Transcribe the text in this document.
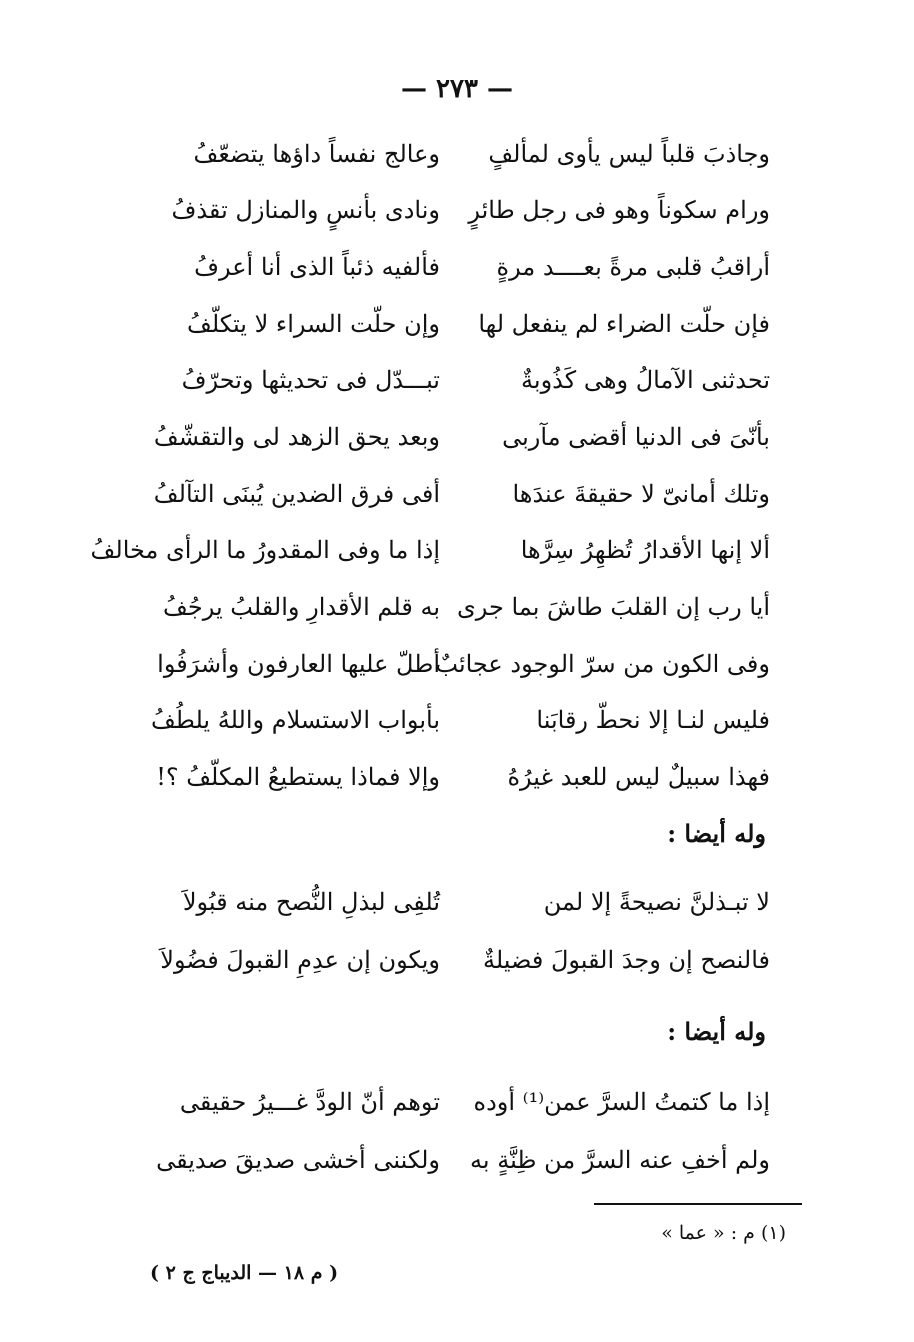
— ٢٧٣ —
وجاذبَ قلباً ليس يأوى لمألفٍ
وعالج نفساً داؤها يتضعّفُ
ورام سكوناً وهو فى رجل طائرٍ
ونادى بأنسٍ والمنازل تقذفُ
أراقبُ قلبى مرةً بعــــد مرةٍ
فألفيه ذئباً الذى أنا أعرفُ
فإن حلّت الضراء لم ينفعل لها
وإن حلّت السراء لا يتكلّفُ
تحدثنى الآمالُ وهى كَذُوبةٌ
تبـــدّل فى تحديثها وتحرّفُ
بأنّىَ فى الدنيا أقضى مآربى
وبعد يحق الزهد لى والتقشّفُ
وتلك أمانىّ لا حقيقةَ عندَها
أفى فرق الضدين يُبنَى التآلفُ
ألا إنها الأقدارُ تُظهِرُ سِرَّها
إذا ما وفى المقدورُ ما الرأى مخالفُ
أيا رب إن القلبَ طاشَ بما جرى
به قلم الأقدارِ والقلبُ يرجُفُ
وفى الكون من سرّ الوجود عجائبٌ
أطلّ عليها العارفون وأشرَفُوا
فليس لنـا إلا نحطّ رقابَنا
بأبواب الاستسلام واللهُ يلطُفُ
فهذا سبيلٌ ليس للعبد غيرُهُ
وإلا فماذا يستطيعُ المكلّفُ ؟!
وله أيضا :
لا تبـذلنَّ نصيحةً إلا لمن
تُلفِى لبذلِ النُّصح منه قبُولاَ
فالنصح إن وجدَ القبولَ فضيلةٌ
ويكون إن عدِمِ القبولَ فضُولاَ
وله أيضا :
إذا ما كتمتُ السرَّ عمن⁽¹⁾ أوده
توهم أنّ الودَّ غـــيرُ حقيقى
ولم أخفِ عنه السرَّ من ظِنَّةٍ به
ولكننى أخشى صديقَ صديقى
(١) م : « عما »
( م ١٨ — الديباج ج ٢ )
